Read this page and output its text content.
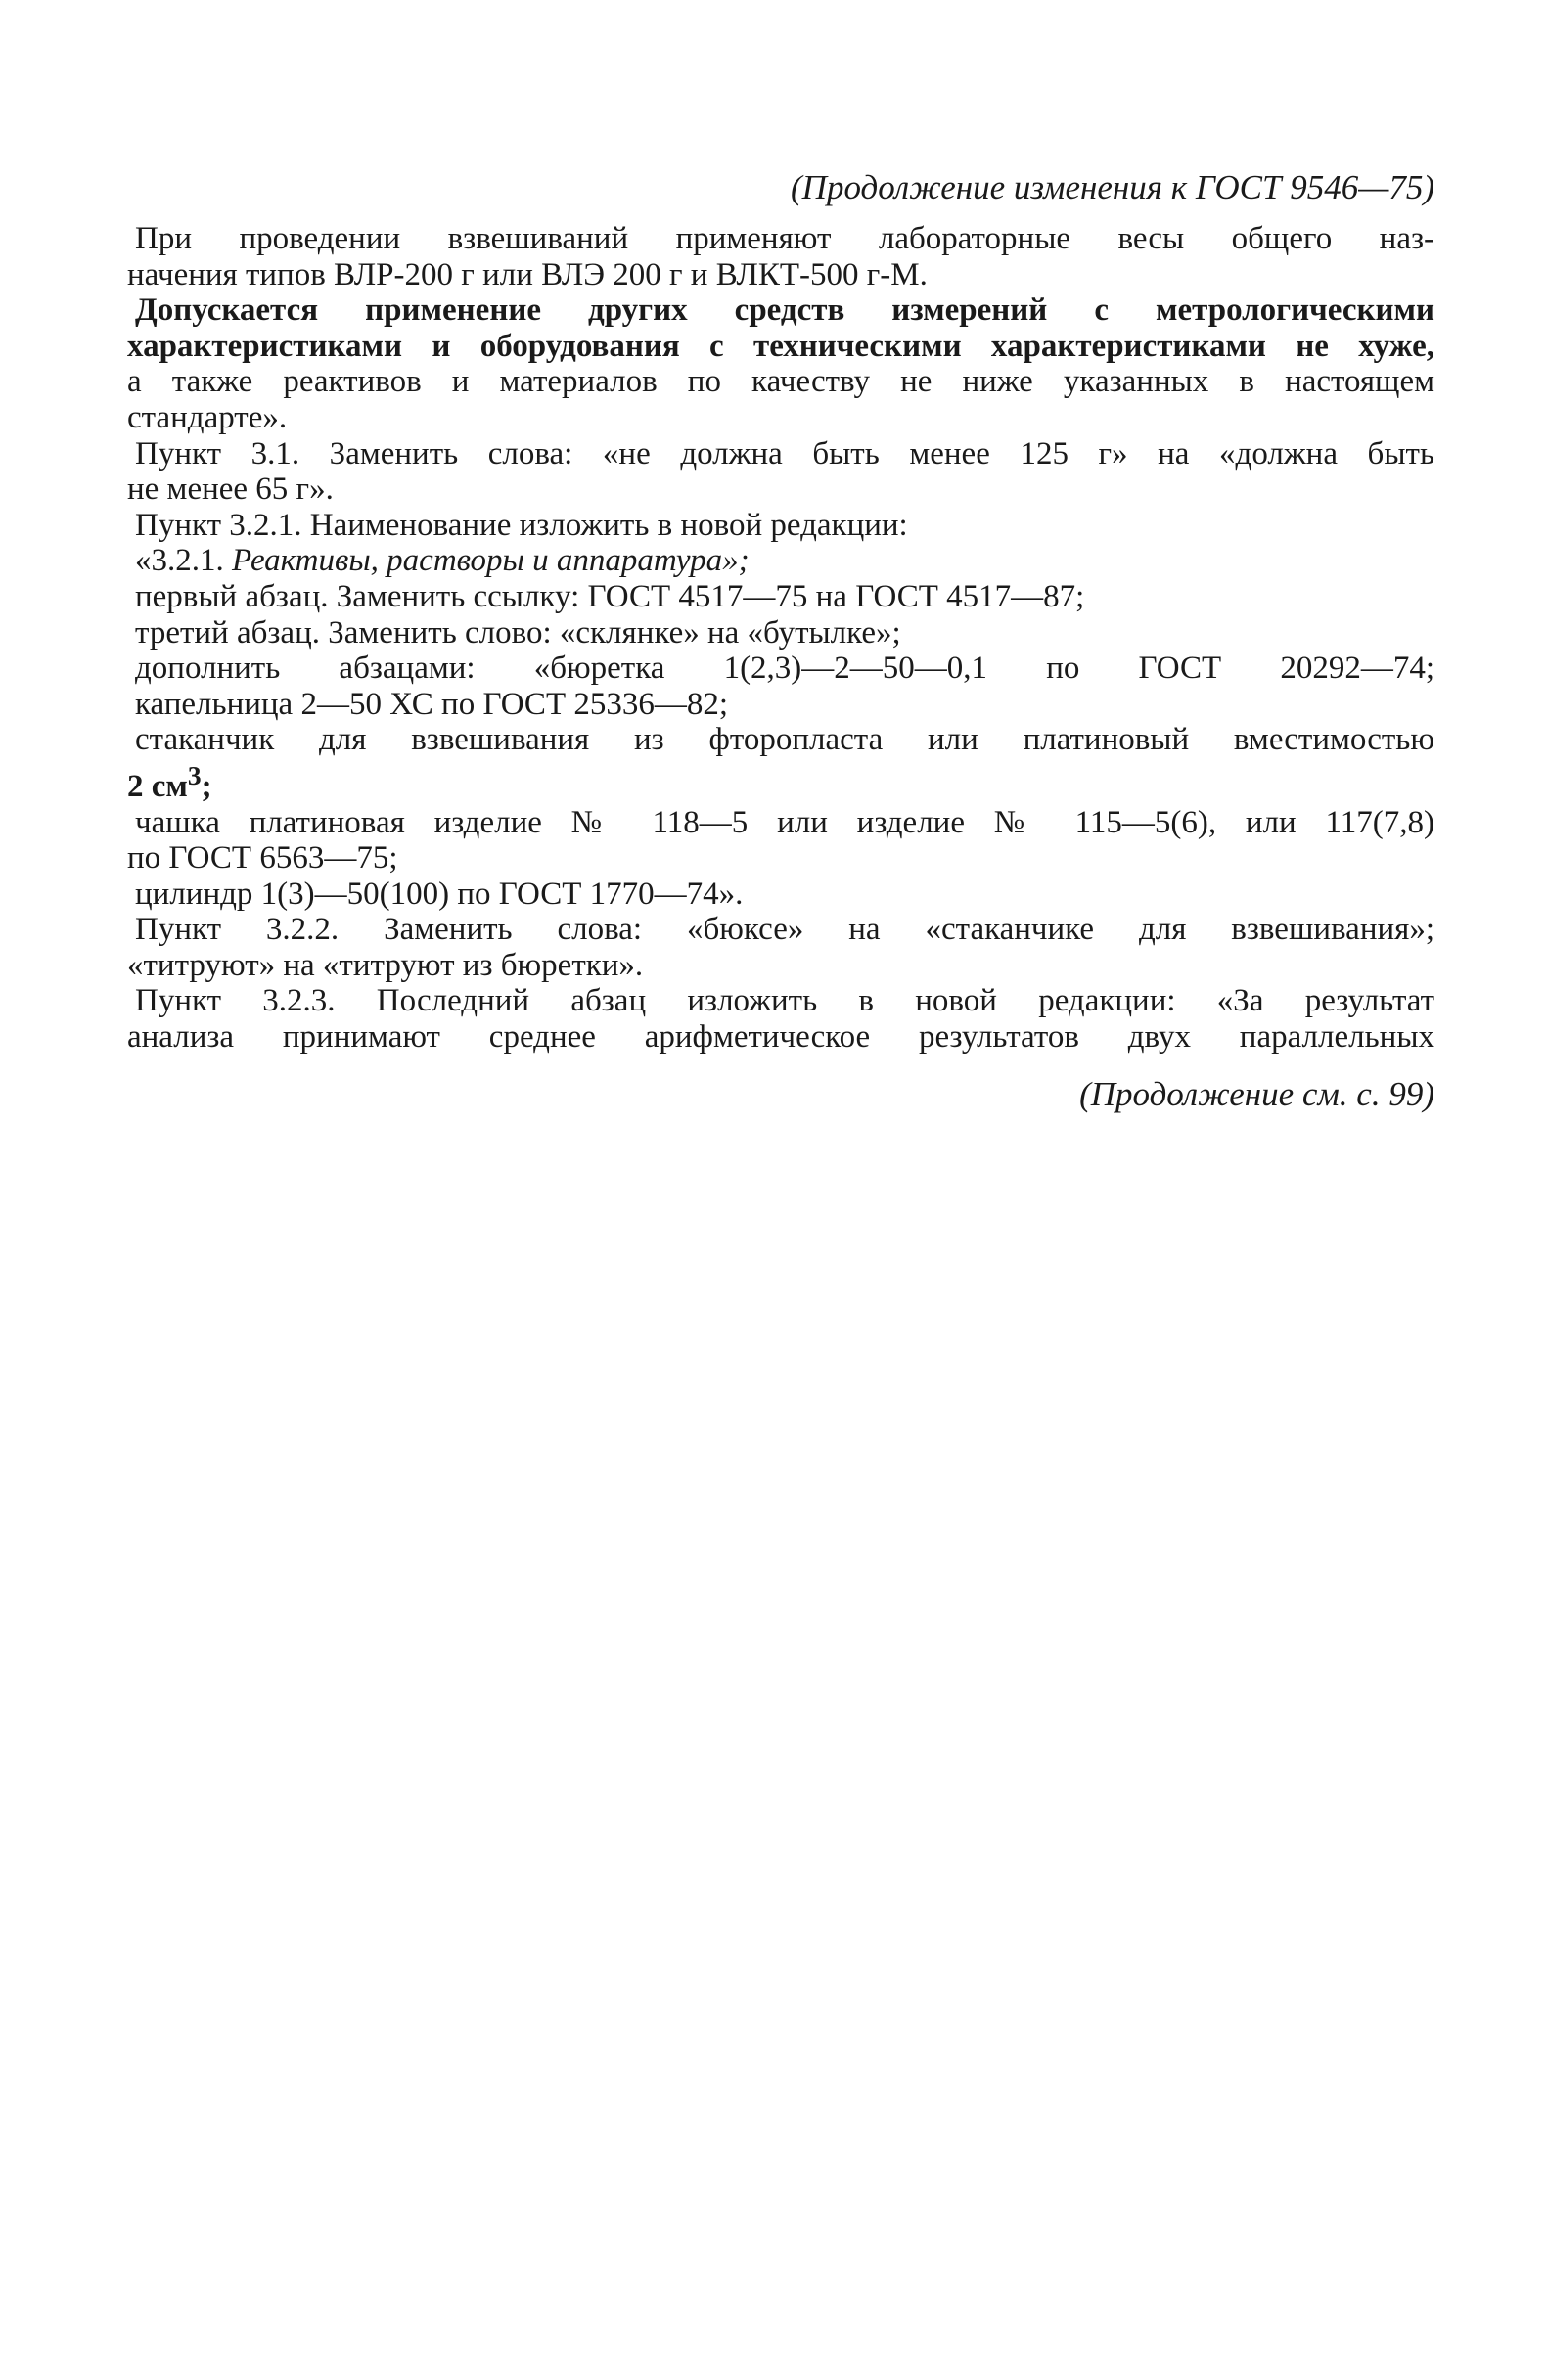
(Продолжение изменения к ГОСТ 9546—75)
При проведении взвешиваний применяют лабораторные весы общего наз-
начения типов ВЛР-200 г или ВЛЭ 200 г и ВЛКТ-500 г-М.
Допускается применение других средств измерений с метрологическими
характеристиками и оборудования с техническими характеристиками не хуже,
а также реактивов и материалов по качеству не ниже указанных в настоящем
стандарте».
Пункт 3.1. Заменить слова: «не должна быть менее 125 г» на «должна быть
не менее 65 г».
Пункт 3.2.1. Наименование изложить в новой редакции:
«3.2.1. Реактивы, растворы и аппаратура»;
первый абзац. Заменить ссылку: ГОСТ 4517—75 на ГОСТ 4517—87;
третий абзац. Заменить слово: «склянке» на «бутылке»;
дополнить абзацами: «бюретка 1(2,3)—2—50—0,1 по ГОСТ 20292—74;
капельница 2—50 ХС по ГОСТ 25336—82;
стаканчик для взвешивания из фторопласта или платиновый вместимостью
2 $см^3$;
чашка платиновая изделие № 118—5 или изделие № 115—5(6), или 117(7,8)
по ГОСТ 6563—75;
цилиндр 1(3)—50(100) по ГОСТ 1770—74».
Пункт 3.2.2. Заменить слова: «бюксе» на «стаканчике для взвешивания»;
«титруют» на «титруют из бюретки».
Пункт 3.2.3. Последний абзац изложить в новой редакции: «За результат
анализа принимают среднее арифметическое результатов двух параллельных
(Продолжение см. с. 99)
